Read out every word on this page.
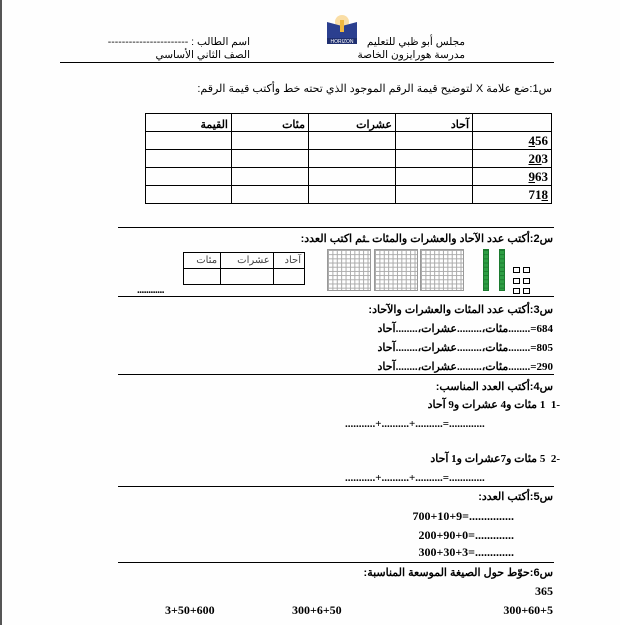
مجلس أبو ظبي للتعليم
مدرسة هورايزون الخاصة
اسم الطالب : -----------------------
الصف الثاني الأساسي
HORIZON
س1:ضع علامة X لتوضيح قيمة الرقم الموجود الذي تحته خط وأكتب قيمة الرقم:
	آحاد	عشرات	مئات	القيمة
456				
203				
963				
718				
س2:أكتب عدد الآحاد والعشرات والمئات ـثم اكتب العدد:
آحاد	عشرات	مئات

............
س3:أكتب عدد المئات والعشرات والآحاد:
684=........مئات،.........عشرات،........آحاد
805=........مئات،.........عشرات،........آحاد
290=........مئات،.........عشرات،........آحاد
س4:أكتب العدد المناسب:
-1  1 مئات و4 عشرات و9 آحاد
...........+..........+..........=.............
-2  5 مئات و7عشرات و1 آحاد
...........+..........+..........=.............
س5:أكتب العدد:
700+10+9=...............
200+90+0=.............
300+30+3=.............
س6:حوّط حول الصيغة الموسعة المناسبة:
365
300+60+5
300+6+50
3+50+600
